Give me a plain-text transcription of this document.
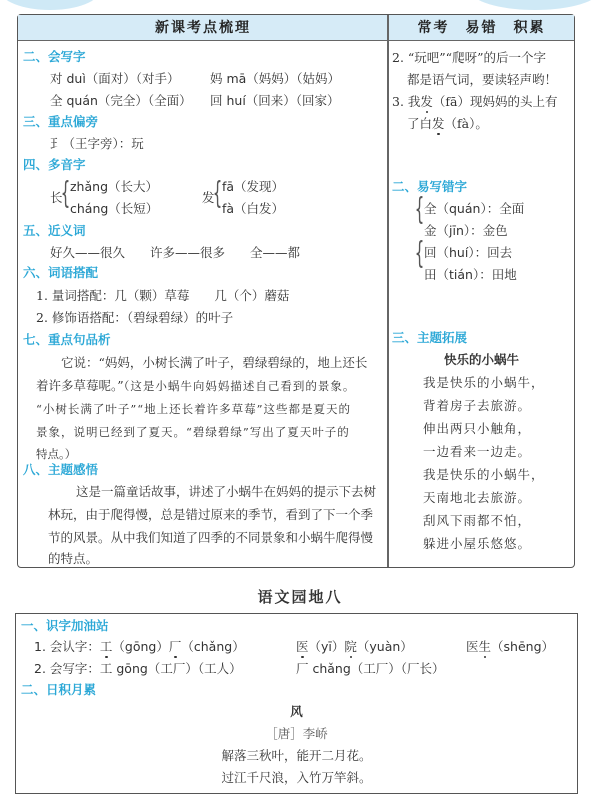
新课考点梳理	常考　易错　积累
二、会写字
对 duì（面对）（对手） 妈 mā（妈妈）（姑妈）
全 quán（完全）（全面） 回 huí（回来）（回家）
三、重点偏旁
⺩（王字旁）：玩
四、多音字
长
{ zhǎng（长大）
cháng（长短）
发
{ fā（发现）
fà（白发）
五、近义词
好久——很久　　许多——很多　　全——都
六、词语搭配
1. 量词搭配：几（颗）草莓　　几（个）蘑菇
2. 修饰语搭配：（碧绿碧绿）的叶子
七、重点句品析
它说：“妈妈，小树长满了叶子，碧绿碧绿的，地上还长
着许多草莓呢。”（这是小蜗牛向妈妈描述自己看到的景象。
“小树长满了叶子”“地上还长着许多草莓”这些都是夏天的
景象，说明已经到了夏天。“碧绿碧绿”写出了夏天叶子的
特点。）
八、主题感悟
这是一篇童话故事，讲述了小蜗牛在妈妈的提示下去树
林玩，由于爬得慢，总是错过原来的季节，看到了下一个季
节的风景。从中我们知道了四季的不同景象和小蜗牛爬得慢
的特点。
2. “玩吧”“爬呀”的后一个字
都是语气词，要读轻声哟！
3. 我发（fā）现妈妈的头上有
了白发（fà）。
二、易写错字
{ 全（quán）：全面
金（jīn）：金色
{ 回（huí）：回去
田（tián）：田地
三、主题拓展
快乐的小蜗牛
我是快乐的小蜗牛，
背着房子去旅游。
伸出两只小触角，
一边看来一边走。
我是快乐的小蜗牛，
天南地北去旅游。
刮风下雨都不怕，
躲进小屋乐悠悠。
语文园地八
一、识字加油站
1. 会认字：工（gōng）厂（chǎng）	医（yī）院（yuàn）	医生（shēng）
2. 会写字：工 gōng（工厂）（工人）	厂 chǎng（工厂）（厂长）
二、日积月累
风
［唐］李峤
解落三秋叶，能开二月花。
过江千尺浪，入竹万竿斜。
